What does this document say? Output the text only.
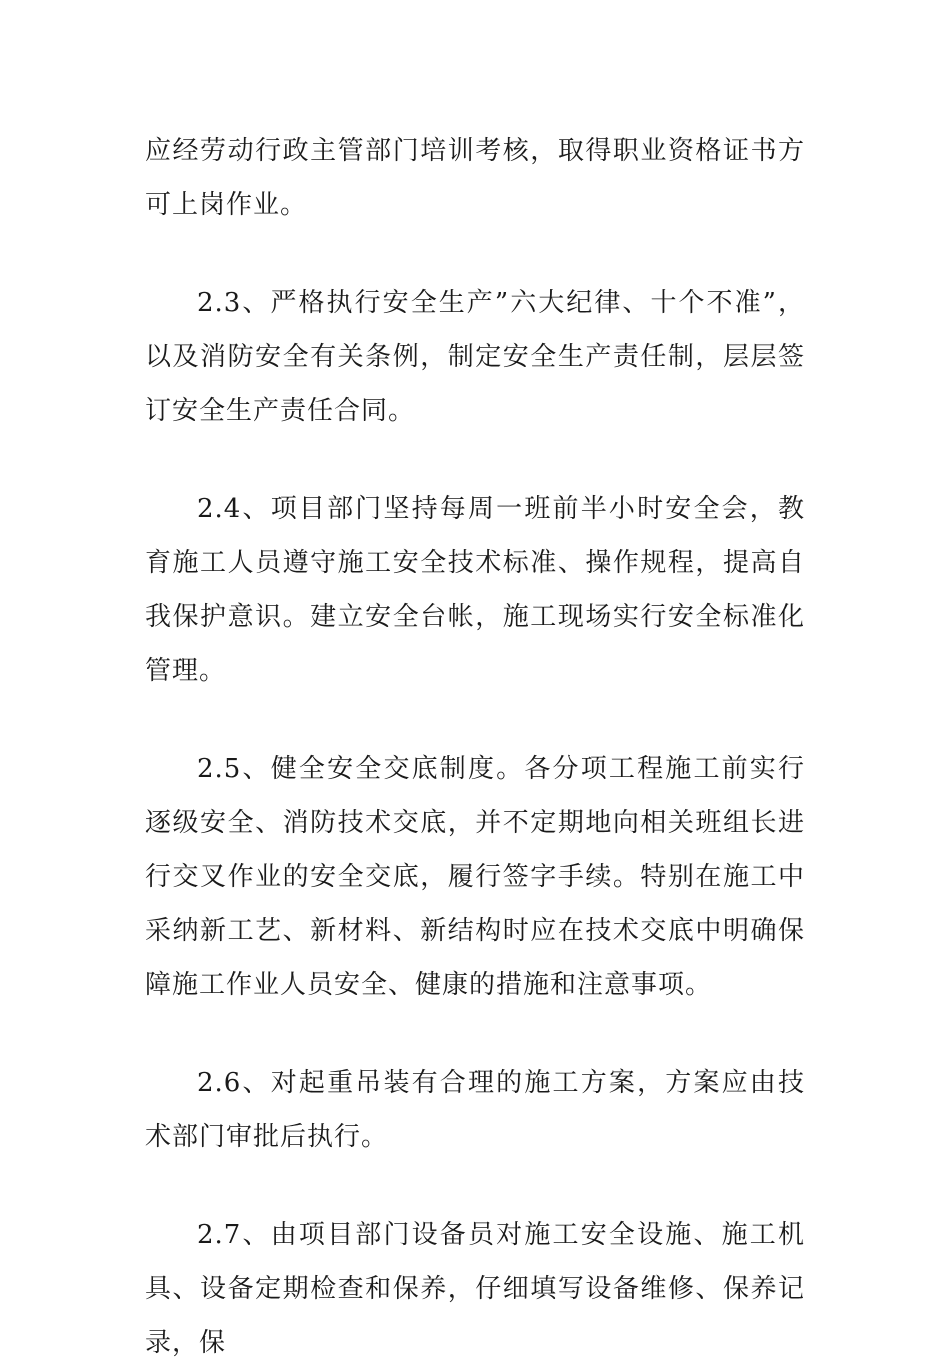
应经劳动行政主管部门培训考核，取得职业资格证书方可上岗作业。

2.3、严格执行安全生产”六大纪律、十个不准”，以及消防安全有关条例，制定安全生产责任制，层层签订安全生产责任合同。

2.4、项目部门坚持每周一班前半小时安全会，教育施工人员遵守施工安全技术标准、操作规程，提高自我保护意识。建立安全台帐，施工现场实行安全标准化管理。

2.5、健全安全交底制度。各分项工程施工前实行逐级安全、消防技术交底，并不定期地向相关班组长进行交叉作业的安全交底，履行签字手续。特别在施工中采纳新工艺、新材料、新结构时应在技术交底中明确保障施工作业人员安全、健康的措施和注意事项。

2.6、对起重吊装有合理的施工方案，方案应由技术部门审批后执行。

2.7、由项目部门设备员对施工安全设施、施工机具、设备定期检查和保养，仔细填写设备维修、保养记录，保
